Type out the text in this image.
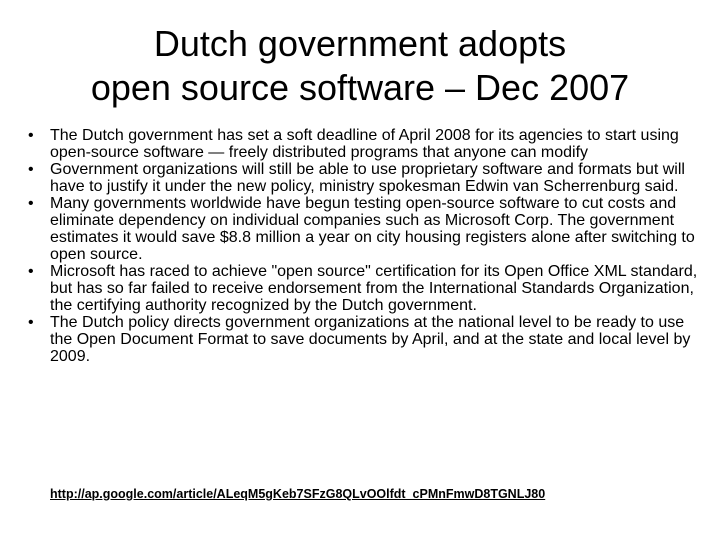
Dutch government adopts
open source software – Dec 2007
•	The Dutch government has set a soft deadline of April 2008 for its agencies to start using open-source software — freely distributed programs that anyone can modify
•	Government organizations will still be able to use proprietary software and formats but will have to justify it under the new policy, ministry spokesman Edwin van Scherrenburg said.
•	Many governments worldwide have begun testing open-source software to cut costs and eliminate dependency on individual companies such as Microsoft Corp. The government estimates it would save $8.8 million a year on city housing registers alone after switching to open source.
•	Microsoft has raced to achieve "open source" certification for its Open Office XML standard, but has so far failed to receive endorsement from the International Standards Organization, the certifying authority recognized by the Dutch government.
•	The Dutch policy directs government organizations at the national level to be ready to use the Open Document Format to save documents by April, and at the state and local level by 2009.
http://ap.google.com/article/ALeqM5gKeb7SFzG8QLvOOlfdt_cPMnFmwD8TGNLJ80
